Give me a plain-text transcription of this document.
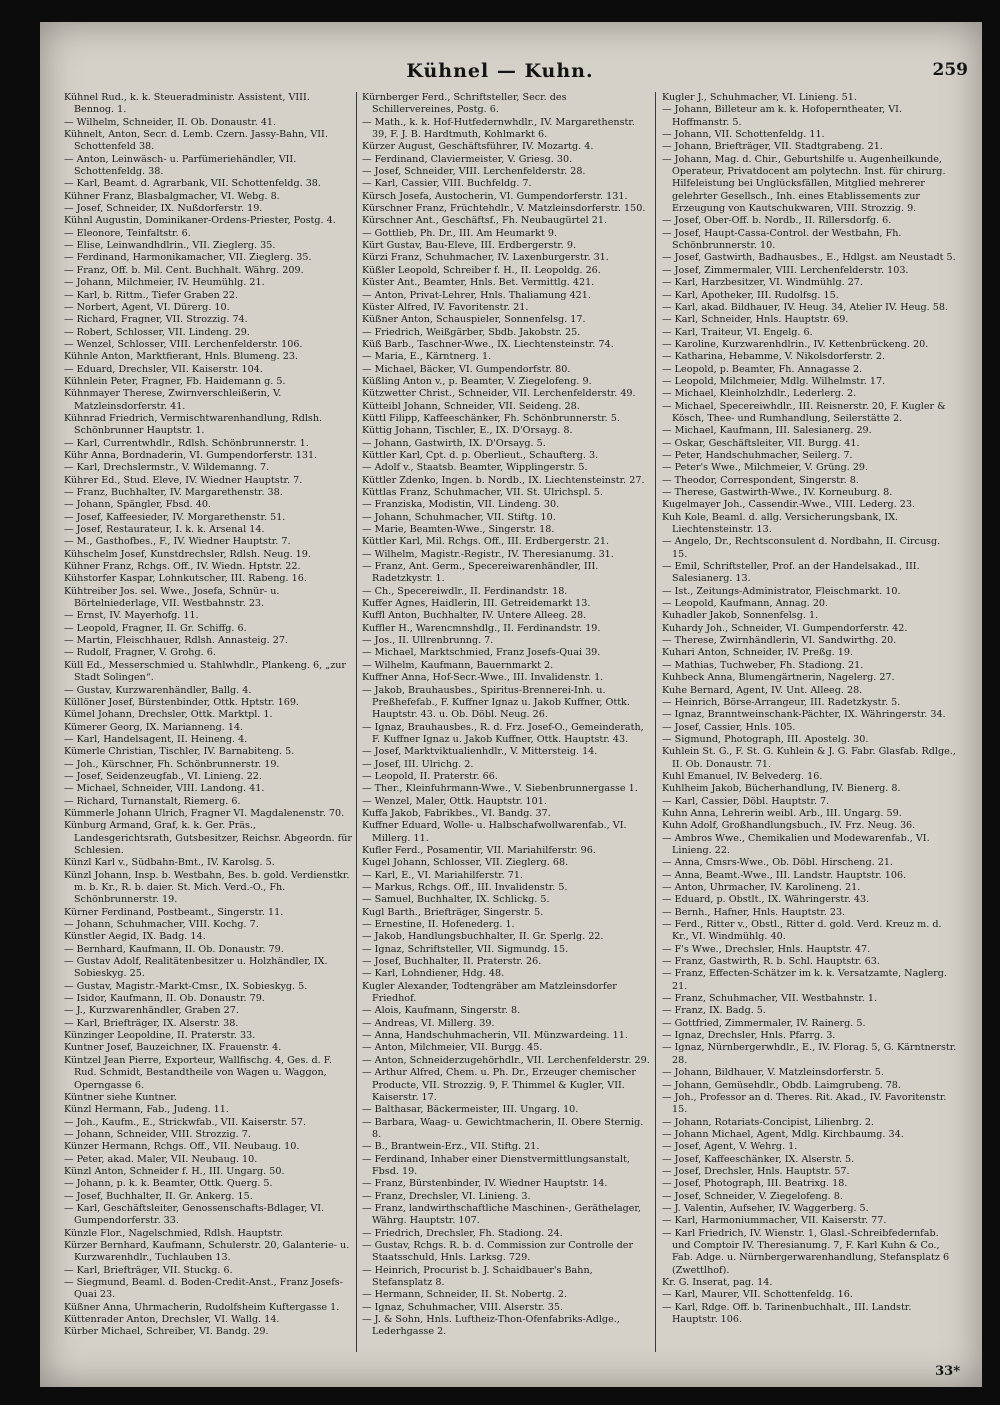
Kühnel — Kuhn.	259

Kühnel Rud., k. k. Steueradministr. Assistent, VIII. Bennog. 1.

— Wilhelm, Schneider, II. Ob. Donaustr. 41.

Kühnelt, Anton, Secr. d. Lemb. Czern. Jassy-Bahn, VII. Schottenfeld 38.

— Anton, Leinwäsch- u. Parfümeriehändler, VII. Schottenfeldg. 38.

— Karl, Beamt. d. Agrarbank, VII. Schottenfeldg. 38.

Kühner Franz, Blasbalgmacher, VI. Webg. 8.

— Josef, Schneider, IX. Nußdorferstr. 19.

Kühnl Augustin, Dominikaner-Ordens-Priester, Postg. 4.

— Eleonore, Teinfaltstr. 6.

— Elise, Leinwandhdlrin., VII. Zieglerg. 35.

— Ferdinand, Harmonikamacher, VII. Zieglerg. 35.

— Franz, Off. b. Mil. Cent. Buchhalt. Währg. 209.

— Johann, Milchmeier, IV. Heumühlg. 21.

— Karl, b. Rittm., Tiefer Graben 22.

— Norbert, Agent, VI. Dürerg. 10.

— Richard, Fragner, VII. Strozzig. 74.

— Robert, Schlosser, VII. Lindeng. 29.

— Wenzel, Schlosser, VIII. Lerchenfelderstr. 106.

Kühnle Anton, Marktfierant, Hnls. Blumeng. 23.

— Eduard, Drechsler, VII. Kaiserstr. 104.

Kühnlein Peter, Fragner, Fb. Haidemann g. 5.

Kühnmayer Therese, Zwirnverschleißerin, V. Matzleinsdorferstr. 41.

Kühnrad Friedrich, Vermischtwarenhandlung, Rdlsh. Schönbrunner Hauptstr. 1.

— Karl, Currentwhdlr., Rdlsh. Schönbrunnerstr. 1.

Kühr Anna, Bordnaderin, VI. Gumpendorferstr. 131.

— Karl, Drechslermstr., V. Wildemanng. 7.

Kührer Ed., Stud. Eleve, IV. Wiedner Hauptstr. 7.

— Franz, Buchhalter, IV. Margarethenstr. 38.

— Johann, Spängler, Fbsd. 40.

— Josef, Kaffeesieder, IV. Morgarethenstr. 51.

— Josef, Restaurateur, I. k. k. Arsenal 14.

— M., Gasthofbes., F., IV. Wiedner Hauptstr. 7.

Kühschelm Josef, Kunstdrechsler, Rdlsh. Neug. 19.

Kühner Franz, Rchgs. Off., IV. Wiedn. Hptstr. 22.

Kühstorfer Kaspar, Lohnkutscher, III. Rabeng. 16.

Kühtreiber Jos. sel. Wwe., Josefa, Schnür- u. Börtelniederlage, VII. Westbahnstr. 23.

— Ernst, IV. Mayerhofg. 11.

— Leopold, Fragner, II. Gr. Schiffg. 6.

— Martin, Fleischhauer, Rdlsh. Annasteig. 27.

— Rudolf, Fragner, V. Grohg. 6.

Küll Ed., Messerschmied u. Stahlwhdlr., Plankeng. 6, „zur Stadt Solingen“.

— Gustav, Kurzwarenhändler, Ballg. 4.

Küllöner Josef, Bürstenbinder, Ottk. Hptstr. 169.

Kümel Johann, Drechsler, Ottk. Marktpl. 1.

Kümerer Georg, IX. Marianneng. 14.

— Karl, Handelsagent, II. Heineng. 4.

Kümerle Christian, Tischler, IV. Barnabiteng. 5.

— Joh., Kürschner, Fh. Schönbrunnerstr. 19.

— Josef, Seidenzeugfab., VI. Linieng. 22.

— Michael, Schneider, VIII. Landong. 41.

— Richard, Turnanstalt, Riemerg. 6.

Kümmerle Johann Ulrich, Fragner VI. Magdalenenstr. 70.

Künburg Armand, Graf, k. k. Ger. Präs., Landesgerichtsrath, Gutsbesitzer, Reichsr. Abgeordn. für Schlesien.

Künzl Karl v., Südbahn-Bmt., IV. Karolsg. 5.

Künzl Johann, Insp. b. Westbahn, Bes. b. gold. Verdienstkr. m. b. Kr., R. b. daier. St. Mich. Verd.-O., Fh. Schönbrunnerstr. 19.

Kürner Ferdinand, Postbeamt., Singerstr. 11.

— Johann, Schuhmacher, VIII. Kochg. 7.

Künstler Aegid, IX. Badg. 14.

— Bernhard, Kaufmann, II. Ob. Donaustr. 79.

— Gustav Adolf, Realitätenbesitzer u. Holzhändler, IX. Sobieskyg. 25.

— Gustav, Magistr.-Markt-Cmsr., IX. Sobieskyg. 5.

— Isidor, Kaufmann, II. Ob. Donaustr. 79.

— J., Kurzwarenhändler, Graben 27.

— Karl, Briefträger, IX. Alserstr. 38.

Künzinger Leopoldine, II. Praterstr. 33.

Kuntner Josef, Bauzeichner, IX. Frauenstr. 4.

Küntzel Jean Pierre, Exporteur, Wallfischg. 4, Ges. d. F. Rud. Schmidt, Bestandtheile von Wagen u. Waggon, Operngasse 6.

Küntner siehe Kuntner.

Künzl Hermann, Fab., Judeng. 11.

— Joh., Kaufm., E., Strickwfab., VII. Kaiserstr. 57.

— Johann, Schneider, VIII. Strozzig. 7.

Künzer Hermann, Rchgs. Off., VII. Neubaug. 10.

— Peter, akad. Maler, VII. Neubaug. 10.

Künzl Anton, Schneider f. H., III. Ungarg. 50.

— Johann, p. k. k. Beamter, Ottk. Querg. 5.

— Josef, Buchhalter, II. Gr. Ankerg. 15.

— Karl, Geschäftsleiter, Genossenschafts-Bdlager, VI. Gumpendorferstr. 33.

Künzle Flor., Nagelschmied, Rdlsh. Hauptstr.

Kürzer Bernhard, Kaufmann, Schulerstr. 20, Galanterie- u. Kurzwarenhdlr., Tuchlauben 13.

— Karl, Briefträger, VII. Stuckg. 6.

— Siegmund, Beaml. d. Boden-Credit-Anst., Franz Josefs-Quai 23.

Küßner Anna, Uhrmacherin, Rudolfsheim Kuftergasse 1.

Küttenrader Anton, Drechsler, VI. Wallg. 14.

Kürber Michael, Schreiber, VI. Bandg. 29.

Kürnberger Ferd., Schriftsteller, Secr. des Schillervereines, Postg. 6.

— Math., k. k. Hof-Hutfedernwhdlr., IV. Margarethenstr. 39, F. J. B. Hardtmuth, Kohlmarkt 6.

Kürzer August, Geschäftsführer, IV. Mozartg. 4.

— Ferdinand, Claviermeister, V. Griesg. 30.

— Josef, Schneider, VIII. Lerchenfelderstr. 28.

— Karl, Cassier, VIII. Buchfeldg. 7.

Kürsch Josefa, Austocherin, VI. Gumpendorferstr. 131.

Kürschner Franz, Früchtehdlr., V. Matzleinsdorferstr. 150.

Kürschner Ant., Geschäftsf., Fh. Neubaugürtel 21.

— Gottlieb, Ph. Dr., III. Am Heumarkt 9.

Kürt Gustav, Bau-Eleve, III. Erdbergerstr. 9.

Kürzi Franz, Schuhmacher, IV. Laxenburgerstr. 31.

Küßler Leopold, Schreiber f. H., II. Leopoldg. 26.

Küster Ant., Beamter, Hnls. Bet. Vermittlg. 421.

— Anton, Privat-Lehrer, Hnls. Thaliamung 421.

Küster Alfred, IV. Favoritenstr. 21.

Küßner Anton, Schauspieler, Sonnenfelsg. 17.

— Friedrich, Weißgärber, Sbdb. Jakobstr. 25.

Küß Barb., Taschner-Wwe., IX. Liechtensteinstr. 74.

— Maria, E., Kärntnerg. 1.

— Michael, Bäcker, VI. Gumpendorfstr. 80.

Küßling Anton v., p. Beamter, V. Ziegelofeng. 9.

Kützwetter Christ., Schneider, VII. Lerchenfelderstr. 49.

Kütteibl Johann, Schneider, VII. Seideng. 28.

Küttl Filipp, Kaffeeschänker, Fh. Schönbrunnerstr. 5.

Küttig Johann, Tischler, E., IX. D'Orsayg. 8.

— Johann, Gastwirth, IX. D'Orsayg. 5.

Küttler Karl, Cpt. d. p. Oberlieut., Schaufterg. 3.

— Adolf v., Staatsb. Beamter, Wipplingerstr. 5.

Küttler Zdenko, Ingen. b. Nordb., IX. Liechtensteinstr. 27.

Küttlas Franz, Schuhmacher, VII. St. Ulrichspl. 5.

— Franziska, Modistin, VII. Lindeng. 30.

— Johann, Schuhmacher, VII. Stiftg. 10.

— Marie, Beamten-Wwe., Singerstr. 18.

Küttler Karl, Mil. Rchgs. Off., III. Erdbergerstr. 21.

— Wilhelm, Magistr.-Registr., IV. Theresianumg. 31.

— Franz, Ant. Germ., Specereiwarenhändler, III. Radetzkystr. 1.

— Ch., Specereiwdlr., II. Ferdinandstr. 18.

Kuffer Agnes, Haidlerin, III. Getreidemarkt 13.

Kuffl Anton, Buchhalter, IV. Untere Alleeg. 28.

Kuffler H., Warencmnshdlg., II. Ferdinandstr. 19.

— Jos., II. Ullrenbrunng. 7.

— Michael, Marktschmied, Franz Josefs-Quai 39.

— Wilhelm, Kaufmann, Bauernmarkt 2.

Kuffner Anna, Hof-Secr.-Wwe., III. Invalidenstr. 1.

— Jakob, Brauhausbes., Spiritus-Brennerei-Inh. u. Preßhefefab., F. Kuffner Ignaz u. Jakob Kuffner, Ottk. Hauptstr. 43. u. Ob. Döbl. Neug. 26.

— Ignaz, Brauhausbes., R. d. Frz. Josef-O., Gemeinderath, F. Kuffner Ignaz u. Jakob Kuffner, Ottk. Hauptstr. 43.

— Josef, Marktviktualienhdlr., V. Mittersteig. 14.

— Josef, III. Ulrichg. 2.

— Leopold, II. Praterstr. 66.

— Ther., Kleinfuhrmann-Wwe., V. Siebenbrunnergasse 1.

— Wenzel, Maler, Ottk. Hauptstr. 101.

Kuffa Jakob, Fabrikbes., VI. Bandg. 37.

Kuffner Eduard, Wolle- u. Halbschafwollwarenfab., VI. Millerg. 11.

Kufler Ferd., Posamentir, VII. Mariahilferstr. 96.

Kugel Johann, Schlosser, VII. Zieglerg. 68.

— Karl, E., VI. Mariahilferstr. 71.

— Markus, Rchgs. Off., III. Invalidenstr. 5.

— Samuel, Buchhalter, IX. Schlickg. 5.

Kugl Barth., Briefträger, Singerstr. 5.

— Ernestine, II. Hofenederg. 1.

— Jakob, Handlungsbuchhalter, II. Gr. Sperlg. 22.

— Ignaz, Schriftsteller, VII. Sigmundg. 15.

— Josef, Buchhalter, II. Praterstr. 26.

— Karl, Lohndiener, Hdg. 48.

Kugler Alexander, Todtengräber am Matzleinsdorfer Friedhof.

— Alois, Kaufmann, Singerstr. 8.

— Andreas, VI. Millerg. 39.

— Anna, Handschuhmacherin, VII. Münzwardeing. 11.

— Anton, Milchmeier, VII. Burgg. 45.

— Anton, Schneiderzugehörhdlr., VII. Lerchenfelderstr. 29.

— Arthur Alfred, Chem. u. Ph. Dr., Erzeuger chemischer Producte, VII. Strozzig. 9, F. Thimmel & Kugler, VII. Kaiserstr. 17.

— Balthasar, Bäckermeister, III. Ungarg. 10.

— Barbara, Waag- u. Gewichtmacherin, II. Obere Sternig. 8.

— B., Brantwein-Erz., VII. Stiftg. 21.

— Ferdinand, Inhaber einer Dienstvermittlungsanstalt, Fbsd. 19.

— Franz, Bürstenbinder, IV. Wiedner Hauptstr. 14.

— Franz, Drechsler, VI. Linieng. 3.

— Franz, landwirthschaftliche Maschinen-, Geräthelager, Währg. Hauptstr. 107.

— Friedrich, Drechsler, Fh. Stadiong. 24.

— Gustav, Rchgs. R. b. d. Commission zur Controlle der Staatsschuld, Hnls. Larksg. 729.

— Heinrich, Procurist b. J. Schaidbauer's Bahn, Stefansplatz 8.

— Hermann, Schneider, II. St. Nobertg. 2.

— Ignaz, Schuhmacher, VIII. Alserstr. 35.

— J. & Sohn, Hnls. Luftheiz-Thon-Ofenfabriks-Adlge., Lederhgasse 2.

Kugler J., Schuhmacher, VI. Linieng. 51.

— Johann, Billeteur am k. k. Hofoperntheater, VI. Hoffmanstr. 5.

— Johann, VII. Schottenfeldg. 11.

— Johann, Briefträger, VII. Stadtgrabeng. 21.

— Johann, Mag. d. Chir., Geburtshilfe u. Augenheilkunde, Operateur, Privatdocent am polytechn. Inst. für chirurg. Hilfeleistung bei Unglücksfällen, Mitglied mehrerer gelehrter Gesellsch., Inh. eines Etablissements zur Erzeugung von Kautschukwaren, VIII. Strozzig. 9.

— Josef, Ober-Off. b. Nordb., II. Rillersdorfg. 6.

— Josef, Haupt-Cassa-Control. der Westbahn, Fh. Schönbrunnerstr. 10.

— Josef, Gastwirth, Badhausbes., E., Hdlgst. am Neustadt 5.

— Josef, Zimmermaler, VIII. Lerchenfelderstr. 103.

— Karl, Harzbesitzer, VI. Windmühlg. 27.

— Karl, Apotheker, III. Rudolfsg. 15.

— Karl, akad. Bildhauer, IV. Heug. 34, Atelier IV. Heug. 58.

— Karl, Schneider, Hnls. Hauptstr. 69.

— Karl, Traiteur, VI. Engelg. 6.

— Karoline, Kurzwarenhdlrin., IV. Kettenbrückeng. 20.

— Katharina, Hebamme, V. Nikolsdorferstr. 2.

— Leopold, p. Beamter, Fh. Annagasse 2.

— Leopold, Milchmeier, Mdlg. Wilhelmstr. 17.

— Michael, Kleinholzhdlr., Lederlerg. 2.

— Michael, Specereiwhdlr., III. Reisnerstr. 20, F. Kugler & Kösch, Thee- und Rumhandlung, Seilerstätte 2.

— Michael, Kaufmann, III. Salesianerg. 29.

— Oskar, Geschäftsleiter, VII. Burgg. 41.

— Peter, Handschuhmacher, Seilerg. 7.

— Peter's Wwe., Milchmeier, V. Grüng. 29.

— Theodor, Correspondent, Singerstr. 8.

— Therese, Gastwirth-Wwe., IV. Korneuburg. 8.

Kugelmayer Joh., Cassendir.-Wwe., VIII. Lederg. 23.

Kuh Kole, Beaml. d. allg. Versicherungsbank, IX. Liechtensteinstr. 13.

— Angelo, Dr., Rechtsconsulent d. Nordbahn, II. Circusg. 15.

— Emil, Schriftsteller, Prof. an der Handelsakad., III. Salesianerg. 13.

— Ist., Zeitungs-Administrator, Fleischmarkt. 10.

— Leopold, Kaufmann, Annag. 20.

Kuhadler Jakob, Sonnenfelsg. 1.

Kuhardy Joh., Schneider, VI. Gumpendorferstr. 42.

— Therese, Zwirnhändlerin, VI. Sandwirthg. 20.

Kuhari Anton, Schneider, IV. Preßg. 19.

— Mathias, Tuchweber, Fh. Stadiong. 21.

Kuhbeck Anna, Blumengärtnerin, Nagelerg. 27.

Kuhe Bernard, Agent, IV. Unt. Alleeg. 28.

— Heinrich, Börse-Arrangeur, III. Radetzkystr. 5.

— Ignaz, Branntweinschank-Pächter, IX. Währingerstr. 34.

— Josef, Cassier, Hnls. 105.

— Sigmund, Photograph, III. Apostelg. 30.

Kuhlein St. G., F. St. G. Kuhlein & J. G. Fabr. Glasfab. Rdlge., II. Ob. Donaustr. 71.

Kuhl Emanuel, IV. Belvederg. 16.

Kuhlheim Jakob, Bücherhandlung, IV. Bienerg. 8.

— Karl, Cassier, Döbl. Hauptstr. 7.

Kuhn Anna, Lehrerin weibl. Arb., III. Ungarg. 59.

Kuhn Adolf, Großhandlungsbuch., IV. Frz. Neug. 36.

— Ambros Wwe., Chemikalien und Modewarenfab., VI. Linieng. 22.

— Anna, Cmsrs-Wwe., Ob. Döbl. Hirscheng. 21.

— Anna, Beamt.-Wwe., III. Landstr. Hauptstr. 106.

— Anton, Uhrmacher, IV. Karolineng. 21.

— Eduard, p. Obstlt., IX. Währingerstr. 43.

— Bernh., Hafner, Hnls. Hauptstr. 23.

— Ferd., Ritter v., Obstl., Ritter d. gold. Verd. Kreuz m. d. Kr., VI. Windmühlg. 40.

— F's Wwe., Drechsler, Hnls. Hauptstr. 47.

— Franz, Gastwirth, R. b. Schl. Hauptstr. 63.

— Franz, Effecten-Schätzer im k. k. Versatzamte, Naglerg. 21.

— Franz, Schuhmacher, VII. Westbahnstr. 1.

— Franz, IX. Badg. 5.

— Gottfried, Zimmermaler, IV. Rainerg. 5.

— Ignaz, Drechsler, Hnls. Pfarrg. 3.

— Ignaz, Nürnbergerwhdlr., E., IV. Florag. 5, G. Kärntnerstr. 28.

— Johann, Bildhauer, V. Matzleinsdorferstr. 5.

— Johann, Gemüsehdlr., Obdb. Laimgrubeng. 78.

— Joh., Professor an d. Theres. Rit. Akad., IV. Favoritenstr. 15.

— Johann, Rotariats-Concipist, Lilienbrg. 2.

— Johann Michael, Agent, Mdlg. Kirchbaumg. 34.

— Josef, Agent, V. Wehrg. 1.

— Josef, Kaffeeschänker, IX. Alserstr. 5.

— Josef, Drechsler, Hnls. Hauptstr. 57.

— Josef, Photograph, III. Beatrixg. 18.

— Josef, Schneider, V. Ziegelofeng. 8.

— J. Valentin, Aufseher, IV. Waggerberg. 5.

— Karl, Harmoniummacher, VII. Kaiserstr. 77.

— Karl Friedrich, IV. Wienstr. 1, Glasl.-Schreibfedernfab. und Comptoir IV. Theresianumg. 7, F. Karl Kuhn & Co., Fab. Adge. u. Nürnbergerwarenhandlung, Stefansplatz 6 (Zwettlhof).

Kr. G. Inserat, pag. 14.

— Karl, Maurer, VII. Schottenfeldg. 16.

— Karl, Rdge. Off. b. Tarinenbuchhalt., III. Landstr. Hauptstr. 106.

33*
